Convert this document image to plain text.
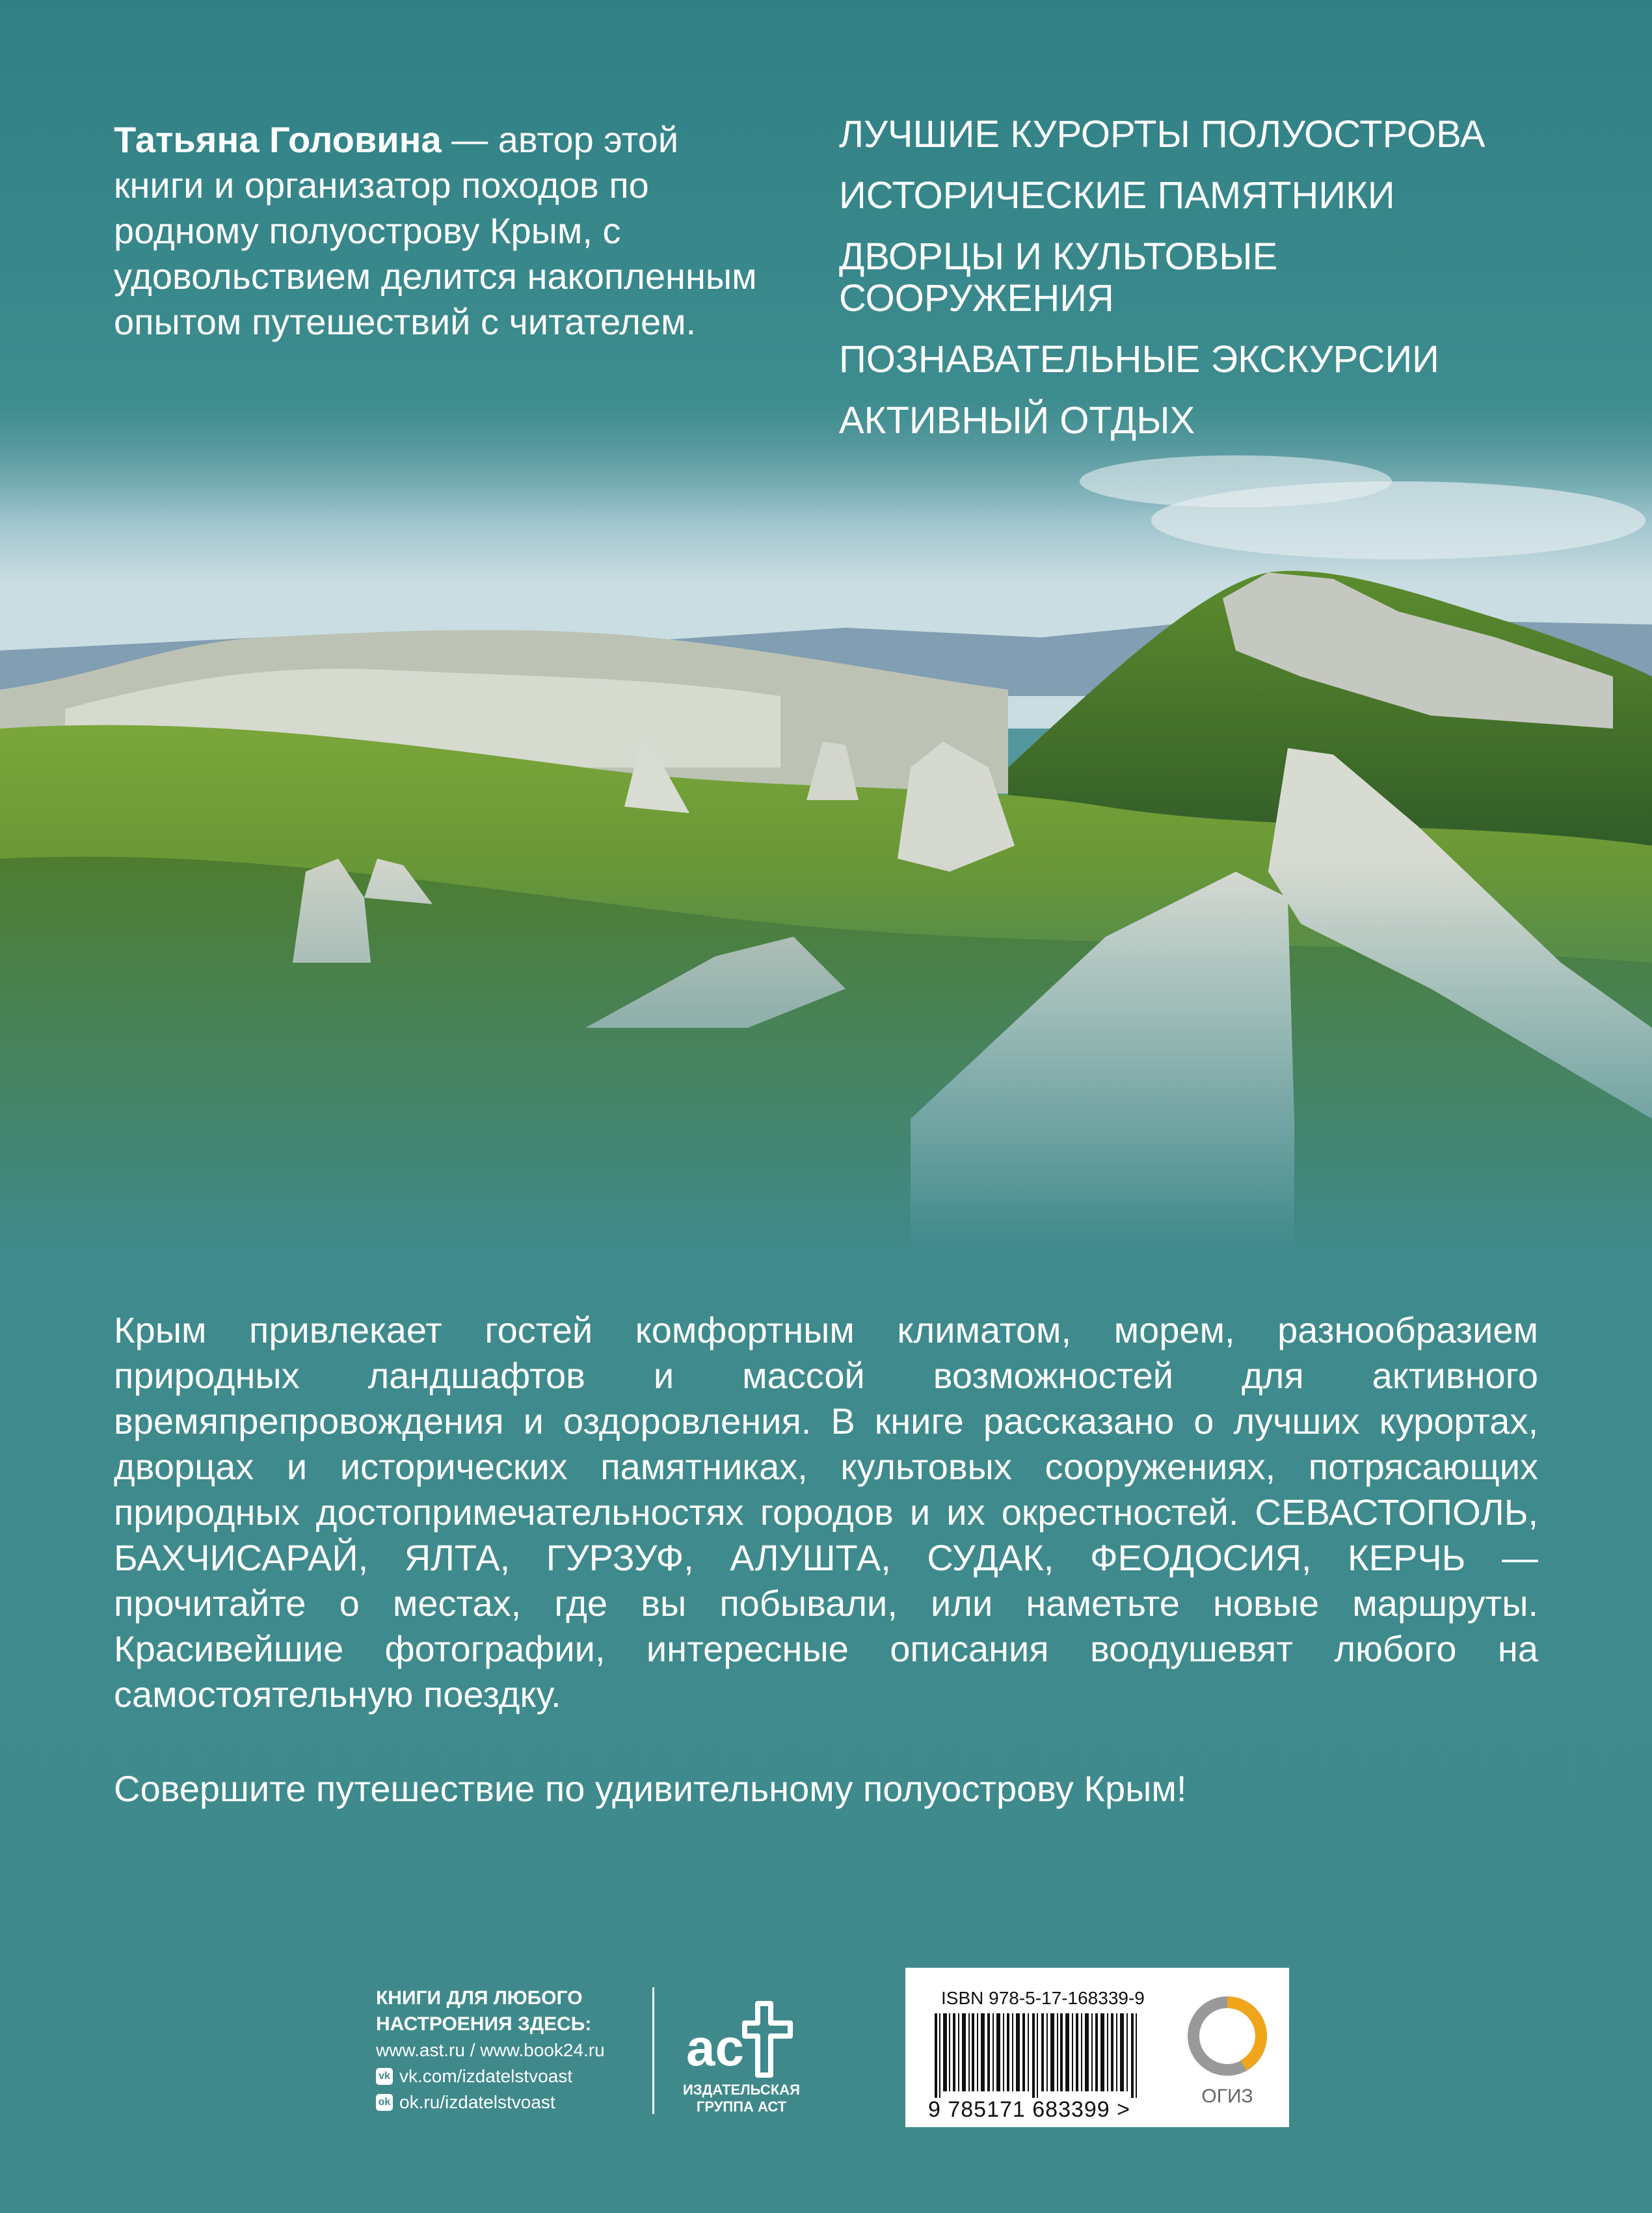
Татьяна Головина — автор этой книги и организатор походов по родному полуострову Крым, с удовольствием делится накопленным опытом путешествий с читателем.
ЛУЧШИЕ КУРОРТЫ ПОЛУОСТРОВА
ИСТОРИЧЕСКИЕ ПАМЯТНИКИ
ДВОРЦЫ И КУЛЬТОВЫЕ СООРУЖЕНИЯ
ПОЗНАВАТЕЛЬНЫЕ ЭКСКУРСИИ
АКТИВНЫЙ ОТДЫХ

Крым привлекает гостей комфортным климатом, морем, разнообразием природных ландшафтов и массой возможностей для активного времяпрепровождения и оздоровления. В книге рассказано о лучших курортах, дворцах и исторических памятниках, культовых сооружениях, потрясающих природных достопримечательностях городов и их окрестностей. СЕВАСТОПОЛЬ, БАХЧИСАРАЙ, ЯЛТА, ГУРЗУФ, АЛУШТА, СУДАК, ФЕОДОСИЯ, КЕРЧЬ — прочитайте о местах, где вы побывали, или наметьте новые маршруты. Красивейшие фотографии, интересные описания воодушевят любого на самостоятельную поездку.

Совершите путешествие по удивительному полуострову Крым!

КНИГИ ДЛЯ ЛЮБОГО
НАСТРОЕНИЯ ЗДЕСЬ:
www.ast.ru / www.book24.ru
vk vk.com/izdatelstvoast
ok ok.ru/izdatelstvoast
ac
ИЗДАТЕЛЬСКАЯ
ГРУППА АСТ
ISBN 978-5-17-168339-9
9 785171 683399 >
ОГИЗ
